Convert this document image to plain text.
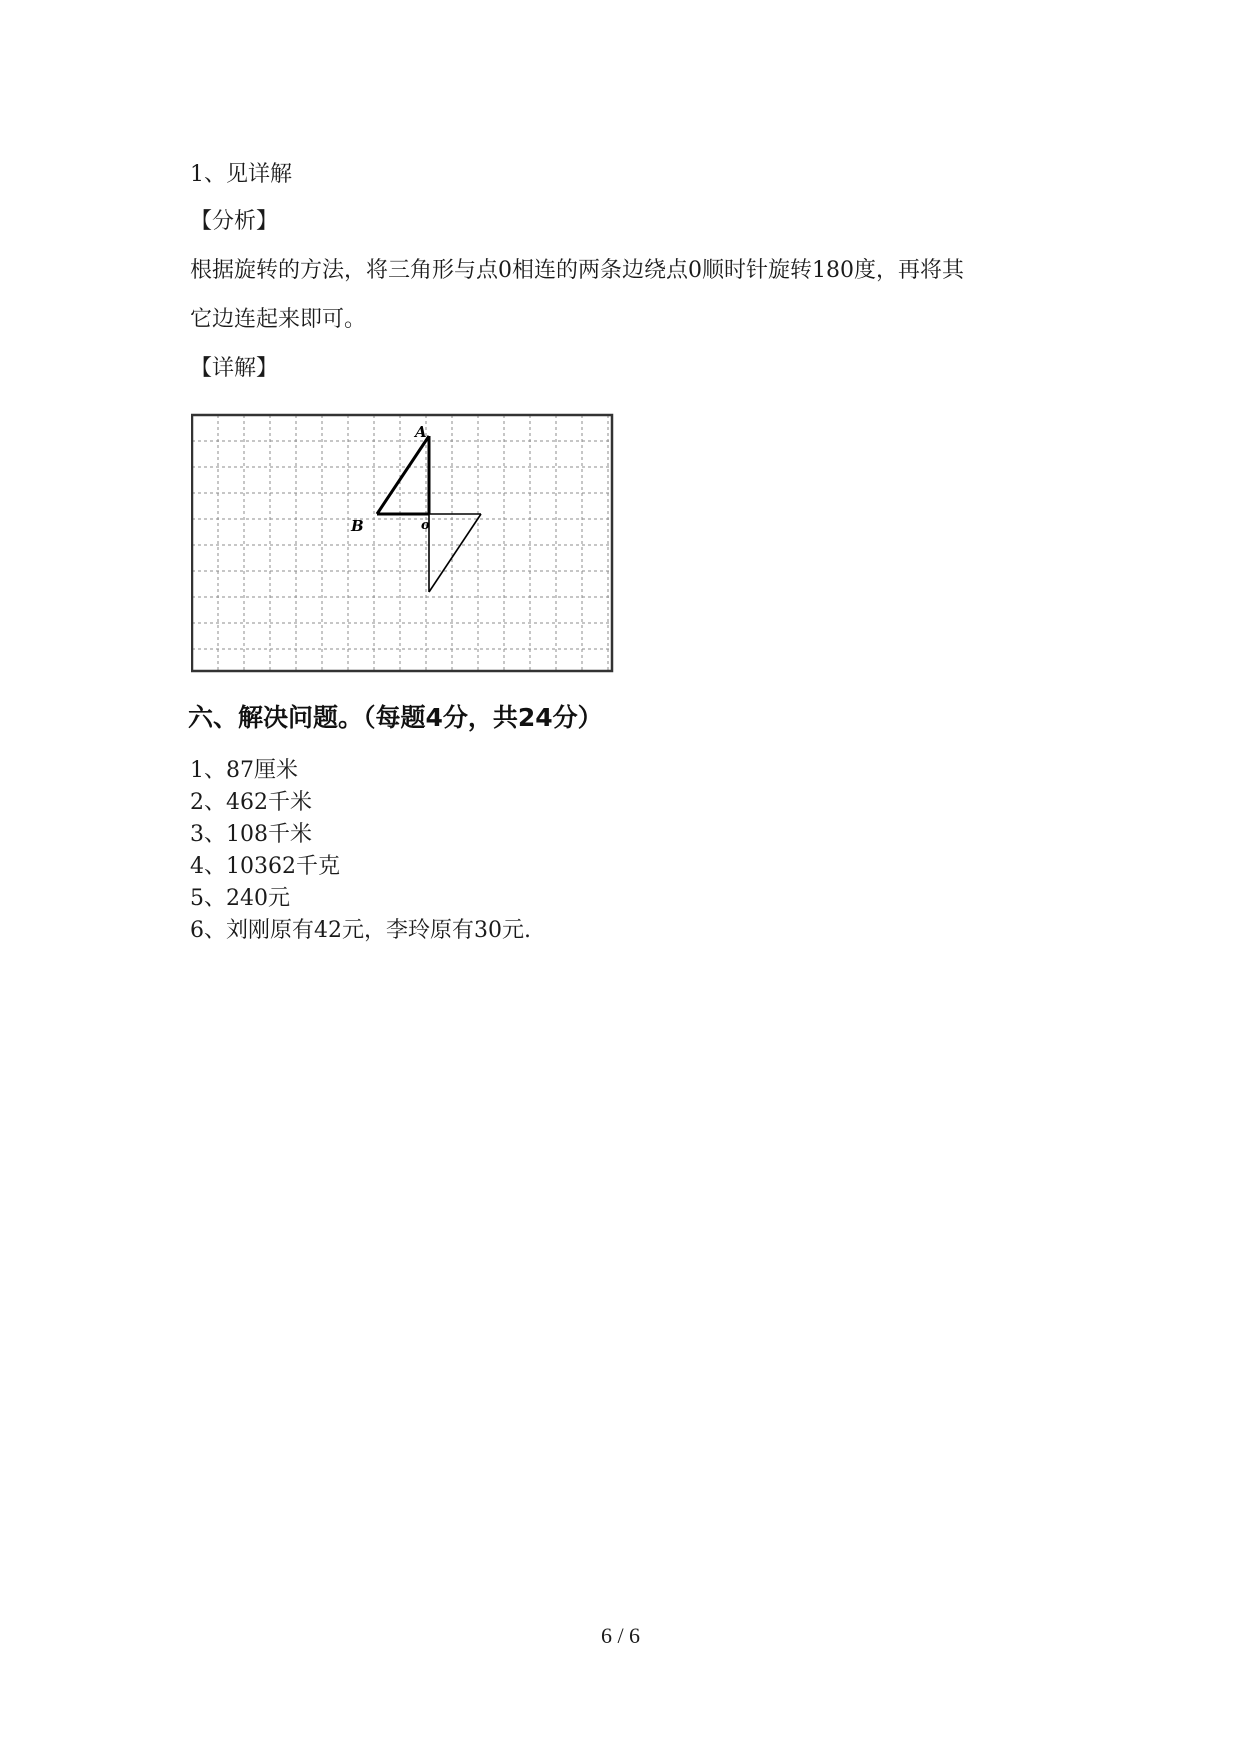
1、见详解
【分析】
根据旋转的方法，将三角形与点0相连的两条边绕点0顺时针旋转180度，再将其
它边连起来即可。
【详解】
A
B	o
六、解决问题。（每题4分，共24分）
1、87厘米
2、462千米
3、108千米
4、10362千克
5、240元
6、刘刚原有42元，李玲原有30元.
6 / 6
